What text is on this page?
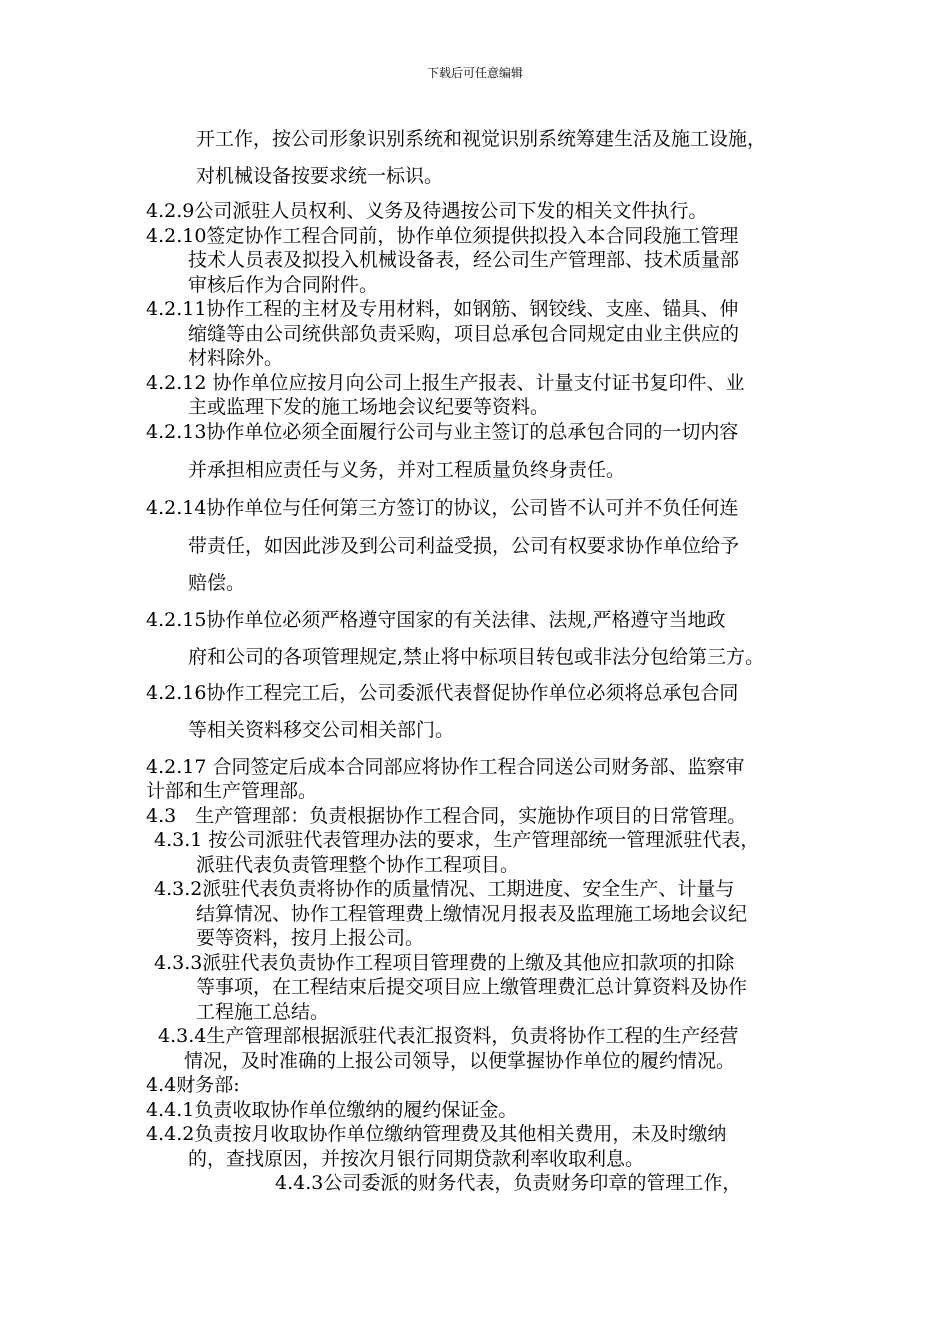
下载后可任意编辑
开工作，按公司形象识别系统和视觉识别系统筹建生活及施工设施，
对机械设备按要求统一标识。
4.2.9公司派驻人员权利、义务及待遇按公司下发的相关文件执行。
4.2.10签定协作工程合同前，协作单位须提供拟投入本合同段施工管理
技术人员表及拟投入机械设备表，经公司生产管理部、技术质量部
审核后作为合同附件。
4.2.11协作工程的主材及专用材料，如钢筋、钢铰线、支座、锚具、伸
缩缝等由公司统供部负责采购，项目总承包合同规定由业主供应的
材料除外。
4.2.12 协作单位应按月向公司上报生产报表、计量支付证书复印件、业
主或监理下发的施工场地会议纪要等资料。
4.2.13协作单位必须全面履行公司与业主签订的总承包合同的一切内容
并承担相应责任与义务，并对工程质量负终身责任。
4.2.14协作单位与任何第三方签订的协议，公司皆不认可并不负任何连
带责任，如因此涉及到公司利益受损，公司有权要求协作单位给予
赔偿。
4.2.15协作单位必须严格遵守国家的有关法律、法规,严格遵守当地政
府和公司的各项管理规定,禁止将中标项目转包或非法分包给第三方。
4.2.16协作工程完工后，公司委派代表督促协作单位必须将总承包合同
等相关资料移交公司相关部门。
4.2.17 合同签定后成本合同部应将协作工程合同送公司财务部、监察审
计部和生产管理部。
4.3　生产管理部：负责根据协作工程合同，实施协作项目的日常管理。
4.3.1 按公司派驻代表管理办法的要求，生产管理部统一管理派驻代表，
派驻代表负责管理整个协作工程项目。
4.3.2派驻代表负责将协作的质量情况、工期进度、安全生产、计量与
结算情况、协作工程管理费上缴情况月报表及监理施工场地会议纪
要等资料，按月上报公司。
4.3.3派驻代表负责协作工程项目管理费的上缴及其他应扣款项的扣除
等事项，在工程结束后提交项目应上缴管理费汇总计算资料及协作
工程施工总结。
4.3.4生产管理部根据派驻代表汇报资料，负责将协作工程的生产经营
情况，及时准确的上报公司领导，以便掌握协作单位的履约情况。
4.4财务部:
4.4.1负责收取协作单位缴纳的履约保证金。
4.4.2负责按月收取协作单位缴纳管理费及其他相关费用，未及时缴纳
的，查找原因，并按次月银行同期贷款利率收取利息。
4.4.3公司委派的财务代表，负责财务印章的管理工作，
